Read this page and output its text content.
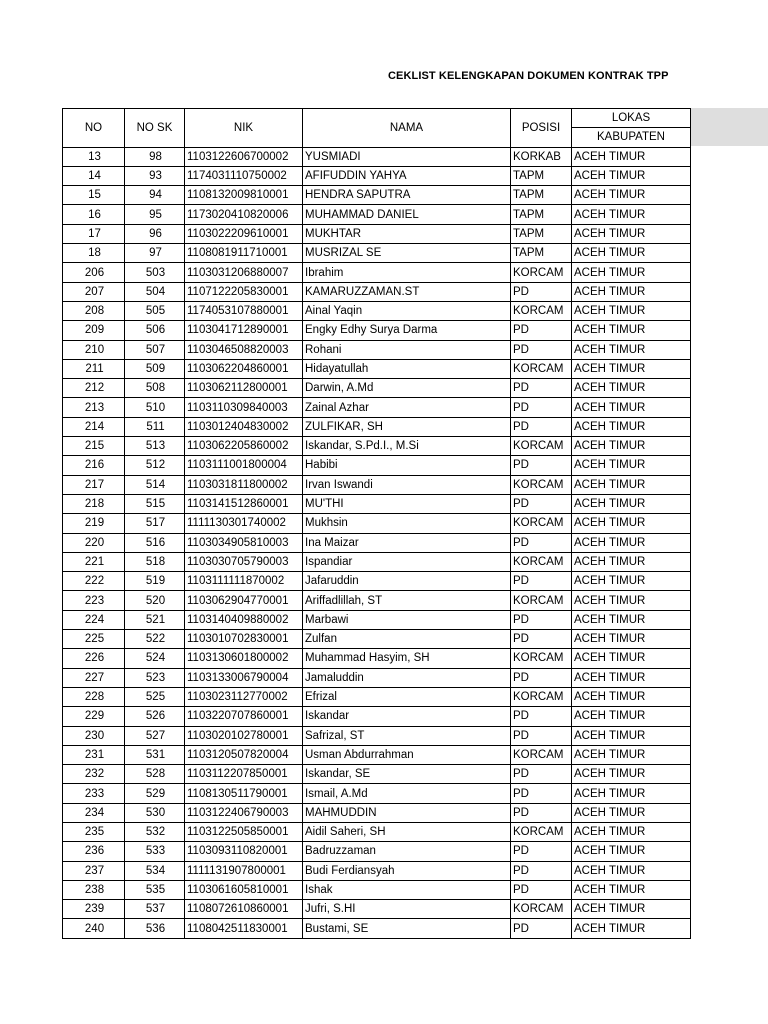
CEKLIST KELENGKAPAN DOKUMEN KONTRAK TPP
NO	NO SK	NIK	NAMA	POSISI	LOKAS
					KABUPATEN
13	98	1103122606700002	YUSMIADI	KORKAB	ACEH TIMUR
14	93	1174031110750002	AFIFUDDIN YAHYA	TAPM	ACEH TIMUR
15	94	1108132009810001	HENDRA SAPUTRA	TAPM	ACEH TIMUR
16	95	1173020410820006	MUHAMMAD DANIEL	TAPM	ACEH TIMUR
17	96	1103022209610001	MUKHTAR	TAPM	ACEH TIMUR
18	97	1108081911710001	MUSRIZAL SE	TAPM	ACEH TIMUR
206	503	1103031206880007	Ibrahim	KORCAM	ACEH TIMUR
207	504	1107122205830001	KAMARUZZAMAN.ST	PD	ACEH TIMUR
208	505	1174053107880001	Ainal Yaqin	KORCAM	ACEH TIMUR
209	506	1103041712890001	Engky Edhy Surya Darma	PD	ACEH TIMUR
210	507	1103046508820003	Rohani	PD	ACEH TIMUR
211	509	1103062204860001	Hidayatullah	KORCAM	ACEH TIMUR
212	508	1103062112800001	Darwin, A.Md	PD	ACEH TIMUR
213	510	1103110309840003	Zainal Azhar	PD	ACEH TIMUR
214	511	1103012404830002	ZULFIKAR, SH	PD	ACEH TIMUR
215	513	1103062205860002	Iskandar, S.Pd.I., M.Si	KORCAM	ACEH TIMUR
216	512	1103111001800004	Habibi	PD	ACEH TIMUR
217	514	1103031811800002	Irvan Iswandi	KORCAM	ACEH TIMUR
218	515	1103141512860001	MU'THI	PD	ACEH TIMUR
219	517	1111130301740002	Mukhsin	KORCAM	ACEH TIMUR
220	516	1103034905810003	Ina Maizar	PD	ACEH TIMUR
221	518	1103030705790003	Ispandiar	KORCAM	ACEH TIMUR
222	519	1103111111870002	Jafaruddin	PD	ACEH TIMUR
223	520	1103062904770001	Ariffadlillah, ST	KORCAM	ACEH TIMUR
224	521	1103140409880002	Marbawi	PD	ACEH TIMUR
225	522	1103010702830001	Zulfan	PD	ACEH TIMUR
226	524	1103130601800002	Muhammad Hasyim, SH	KORCAM	ACEH TIMUR
227	523	1103133006790004	Jamaluddin	PD	ACEH TIMUR
228	525	1103023112770002	Efrizal	KORCAM	ACEH TIMUR
229	526	1103220707860001	Iskandar	PD	ACEH TIMUR
230	527	1103020102780001	Safrizal, ST	PD	ACEH TIMUR
231	531	1103120507820004	Usman Abdurrahman	KORCAM	ACEH TIMUR
232	528	1103112207850001	Iskandar, SE	PD	ACEH TIMUR
233	529	1108130511790001	Ismail, A.Md	PD	ACEH TIMUR
234	530	1103122406790003	MAHMUDDIN	PD	ACEH TIMUR
235	532	1103122505850001	Aidil Saheri, SH	KORCAM	ACEH TIMUR
236	533	1103093110820001	Badruzzaman	PD	ACEH TIMUR
237	534	1111131907800001	Budi Ferdiansyah	PD	ACEH TIMUR
238	535	1103061605810001	Ishak	PD	ACEH TIMUR
239	537	1108072610860001	Jufri, S.HI	KORCAM	ACEH TIMUR
240	536	1108042511830001	Bustami, SE	PD	ACEH TIMUR
